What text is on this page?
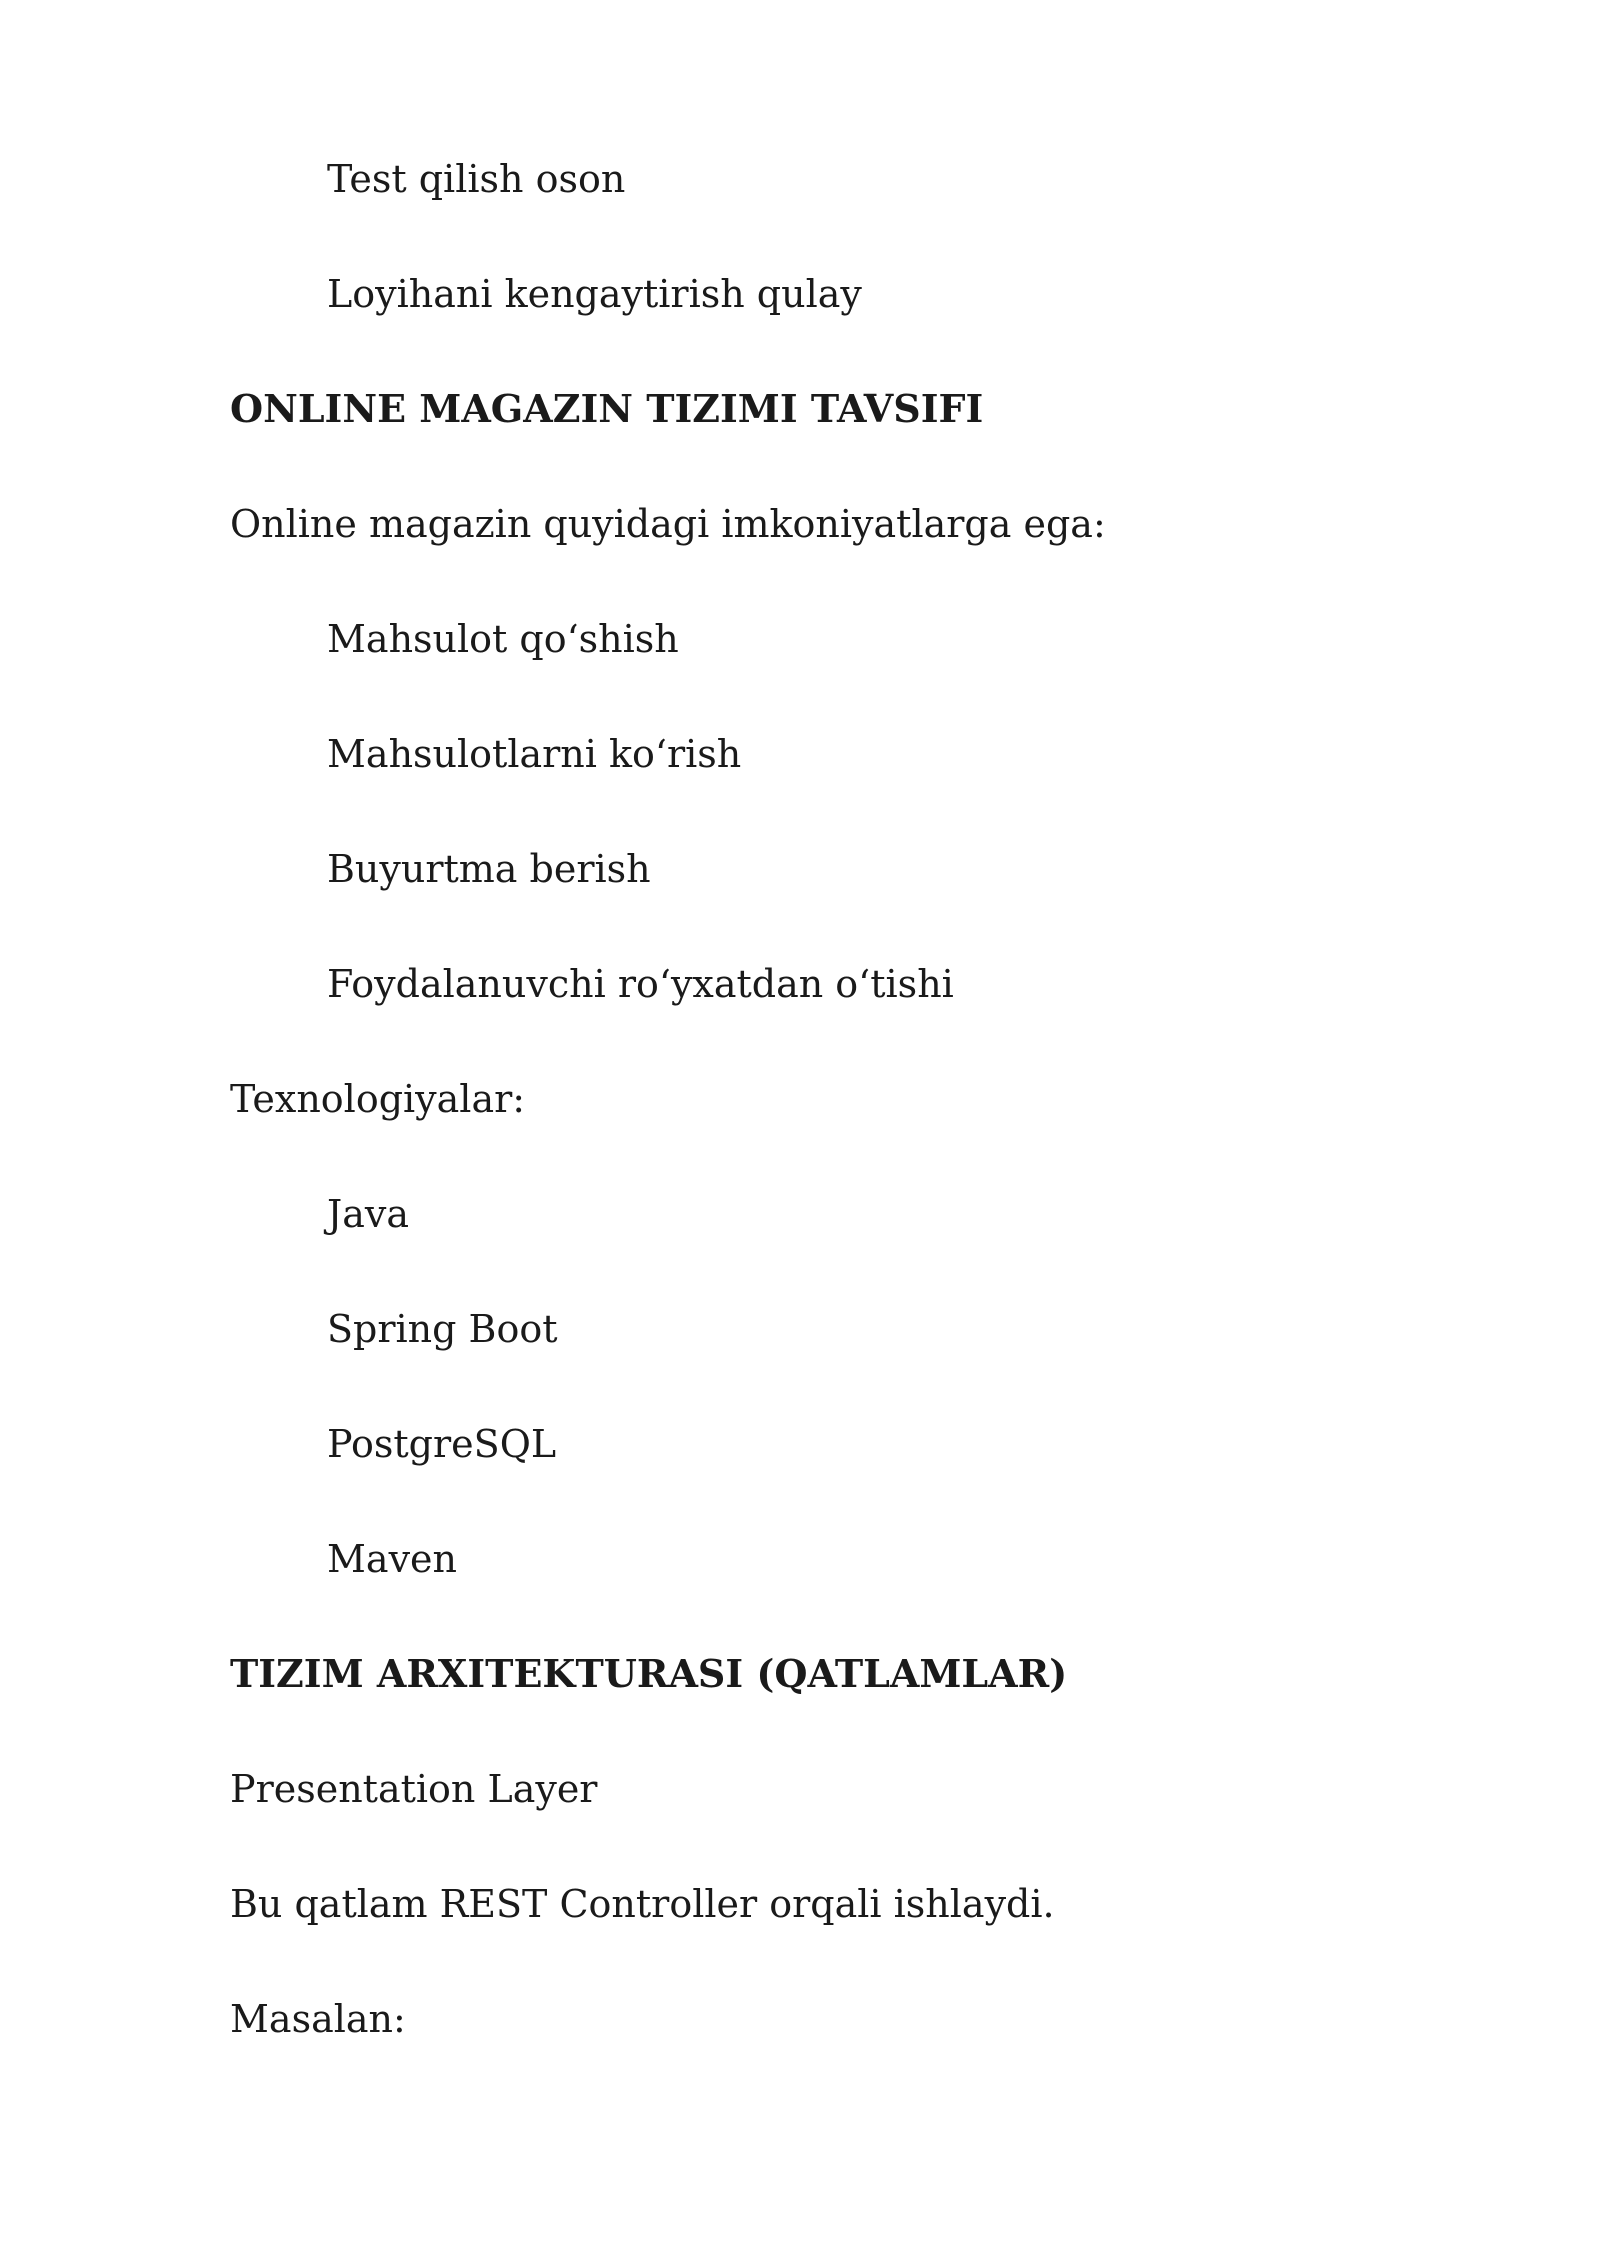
Test qilish oson
Loyihani kengaytirish qulay
ONLINE MAGAZIN TIZIMI TAVSIFI
Online magazin quyidagi imkoniyatlarga ega:
Mahsulot qo‘shish
Mahsulotlarni ko‘rish
Buyurtma berish
Foydalanuvchi ro‘yxatdan o‘tishi
Texnologiyalar:
Java
Spring Boot
PostgreSQL
Maven
TIZIM ARXITEKTURASI (QATLAMLAR)
Presentation Layer
Bu qatlam REST Controller orqali ishlaydi.
Masalan:
